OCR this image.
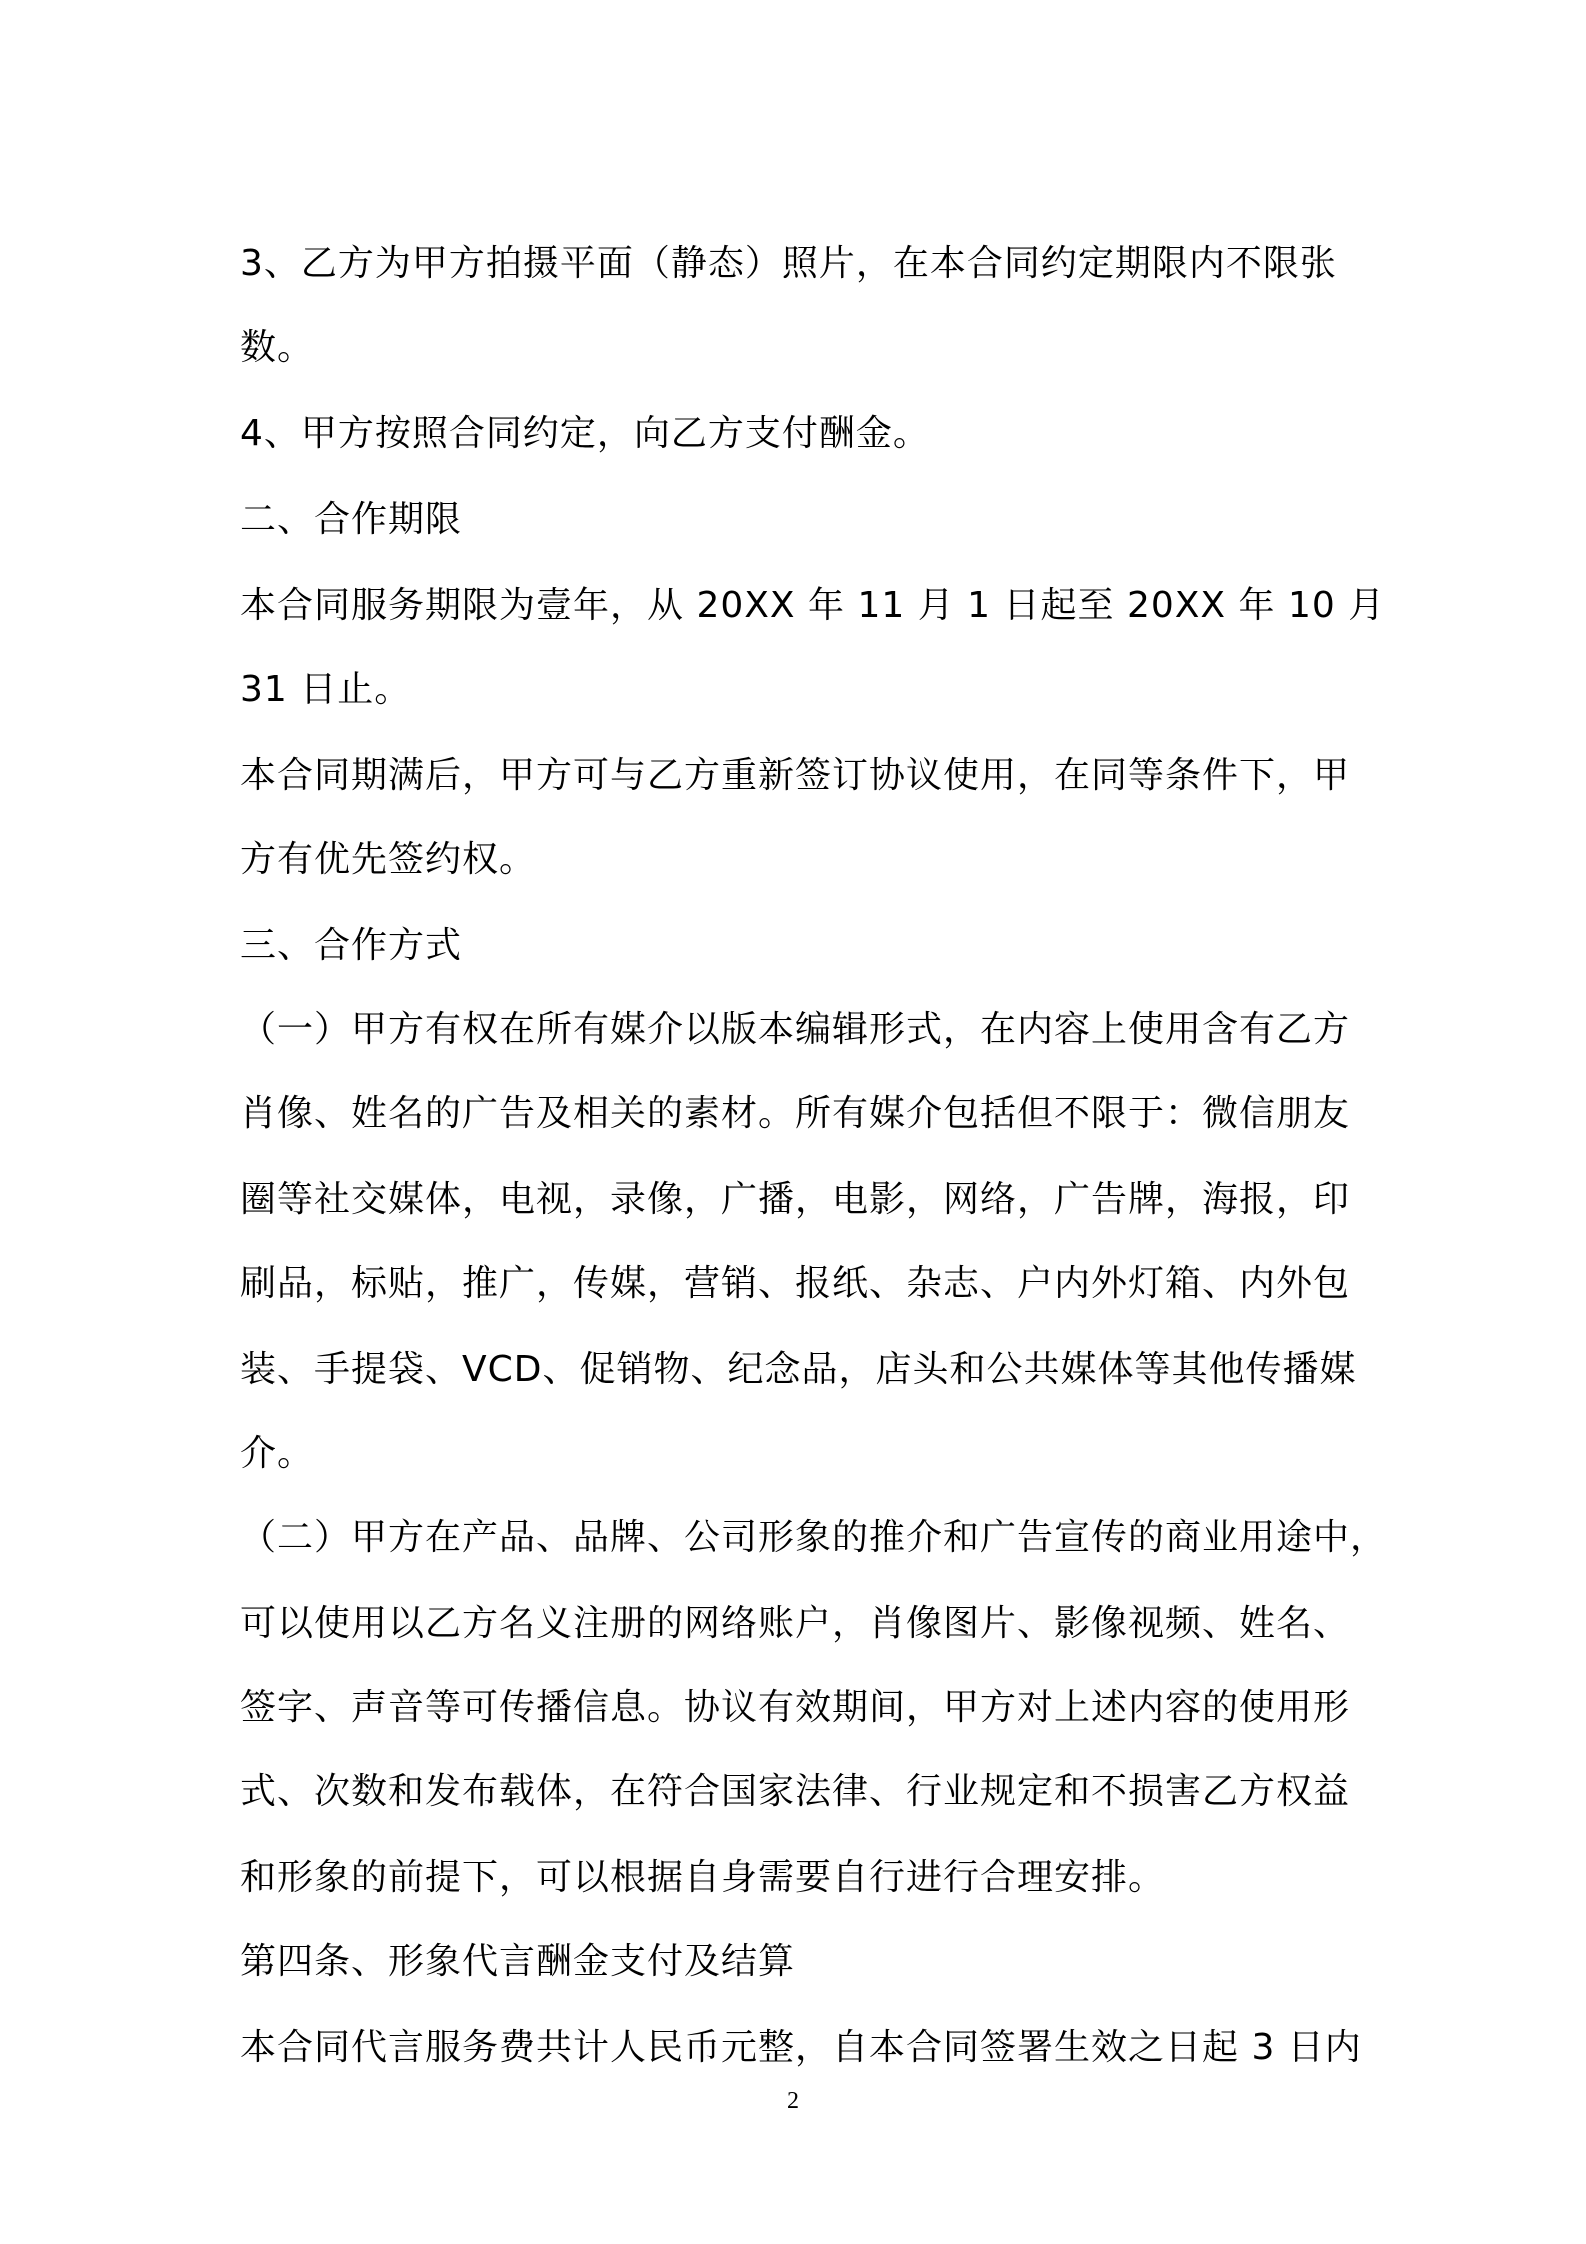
3、乙方为甲方拍摄平面（静态）照片，在本合同约定期限内不限张
数。
4、甲方按照合同约定，向乙方支付酬金。
二、合作期限
本合同服务期限为壹年，从 20XX 年 11 月 1 日起至 20XX 年 10 月
31 日止。
本合同期满后，甲方可与乙方重新签订协议使用，在同等条件下，甲
方有优先签约权。
三、合作方式
（一）甲方有权在所有媒介以版本编辑形式，在内容上使用含有乙方
肖像、姓名的广告及相关的素材。所有媒介包括但不限于：微信朋友
圈等社交媒体，电视，录像，广播，电影，网络，广告牌，海报，印
刷品，标贴，推广，传媒，营销、报纸、杂志、户内外灯箱、内外包
装、手提袋、VCD、促销物、纪念品，店头和公共媒体等其他传播媒
介。
（二）甲方在产品、品牌、公司形象的推介和广告宣传的商业用途中，
可以使用以乙方名义注册的网络账户，肖像图片、影像视频、姓名、
签字、声音等可传播信息。协议有效期间，甲方对上述内容的使用形
式、次数和发布载体，在符合国家法律、行业规定和不损害乙方权益
和形象的前提下，可以根据自身需要自行进行合理安排。
第四条、形象代言酬金支付及结算
本合同代言服务费共计人民币元整，自本合同签署生效之日起 3 日内
2
